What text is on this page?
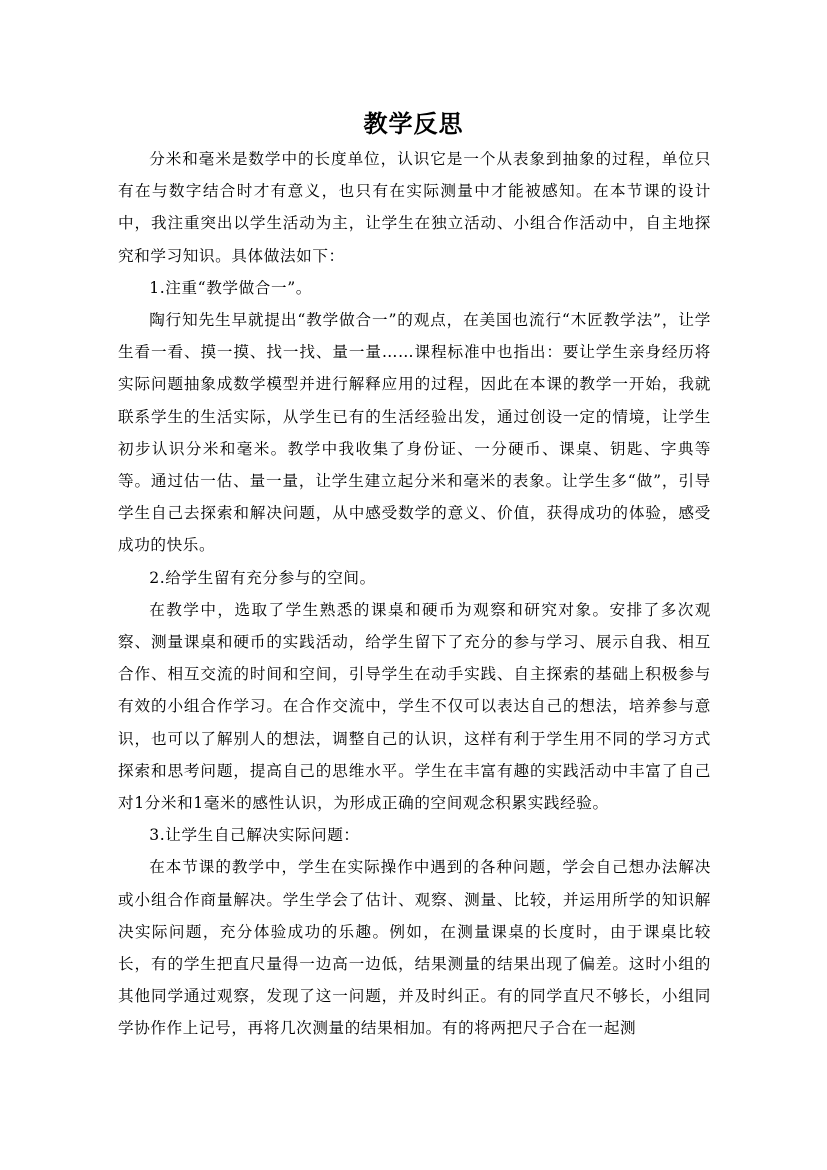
教学反思

分米和毫米是数学中的长度单位，认识它是一个从表象到抽象的过程，单位只有在与数字结合时才有意义，也只有在实际测量中才能被感知。在本节课的设计中，我注重突出以学生活动为主，让学生在独立活动、小组合作活动中，自主地探究和学习知识。具体做法如下：

1.注重“教学做合一”。

陶行知先生早就提出“教学做合一”的观点，在美国也流行“木匠教学法”，让学生看一看、摸一摸、找一找、量一量……课程标准中也指出：要让学生亲身经历将实际问题抽象成数学模型并进行解释应用的过程，因此在本课的教学一开始，我就联系学生的生活实际，从学生已有的生活经验出发，通过创设一定的情境，让学生初步认识分米和毫米。教学中我收集了身份证、一分硬币、课桌、钥匙、字典等等。通过估一估、量一量，让学生建立起分米和毫米的表象。让学生多“做”，引导学生自己去探索和解决问题，从中感受数学的意义、价值，获得成功的体验，感受成功的快乐。

2.给学生留有充分参与的空间。

在教学中，选取了学生熟悉的课桌和硬币为观察和研究对象。安排了多次观察、测量课桌和硬币的实践活动，给学生留下了充分的参与学习、展示自我、相互合作、相互交流的时间和空间，引导学生在动手实践、自主探索的基础上积极参与有效的小组合作学习。在合作交流中，学生不仅可以表达自己的想法，培养参与意识，也可以了解别人的想法，调整自己的认识，这样有利于学生用不同的学习方式探索和思考问题，提高自己的思维水平。学生在丰富有趣的实践活动中丰富了自己对1分米和1毫米的感性认识，为形成正确的空间观念积累实践经验。

3.让学生自己解决实际问题：

在本节课的教学中，学生在实际操作中遇到的各种问题，学会自己想办法解决或小组合作商量解决。学生学会了估计、观察、测量、比较，并运用所学的知识解决实际问题，充分体验成功的乐趣。例如，在测量课桌的长度时，由于课桌比较长，有的学生把直尺量得一边高一边低，结果测量的结果出现了偏差。这时小组的其他同学通过观察，发现了这一问题，并及时纠正。有的同学直尺不够长，小组同学协作作上记号，再将几次测量的结果相加。有的将两把尺子合在一起测
